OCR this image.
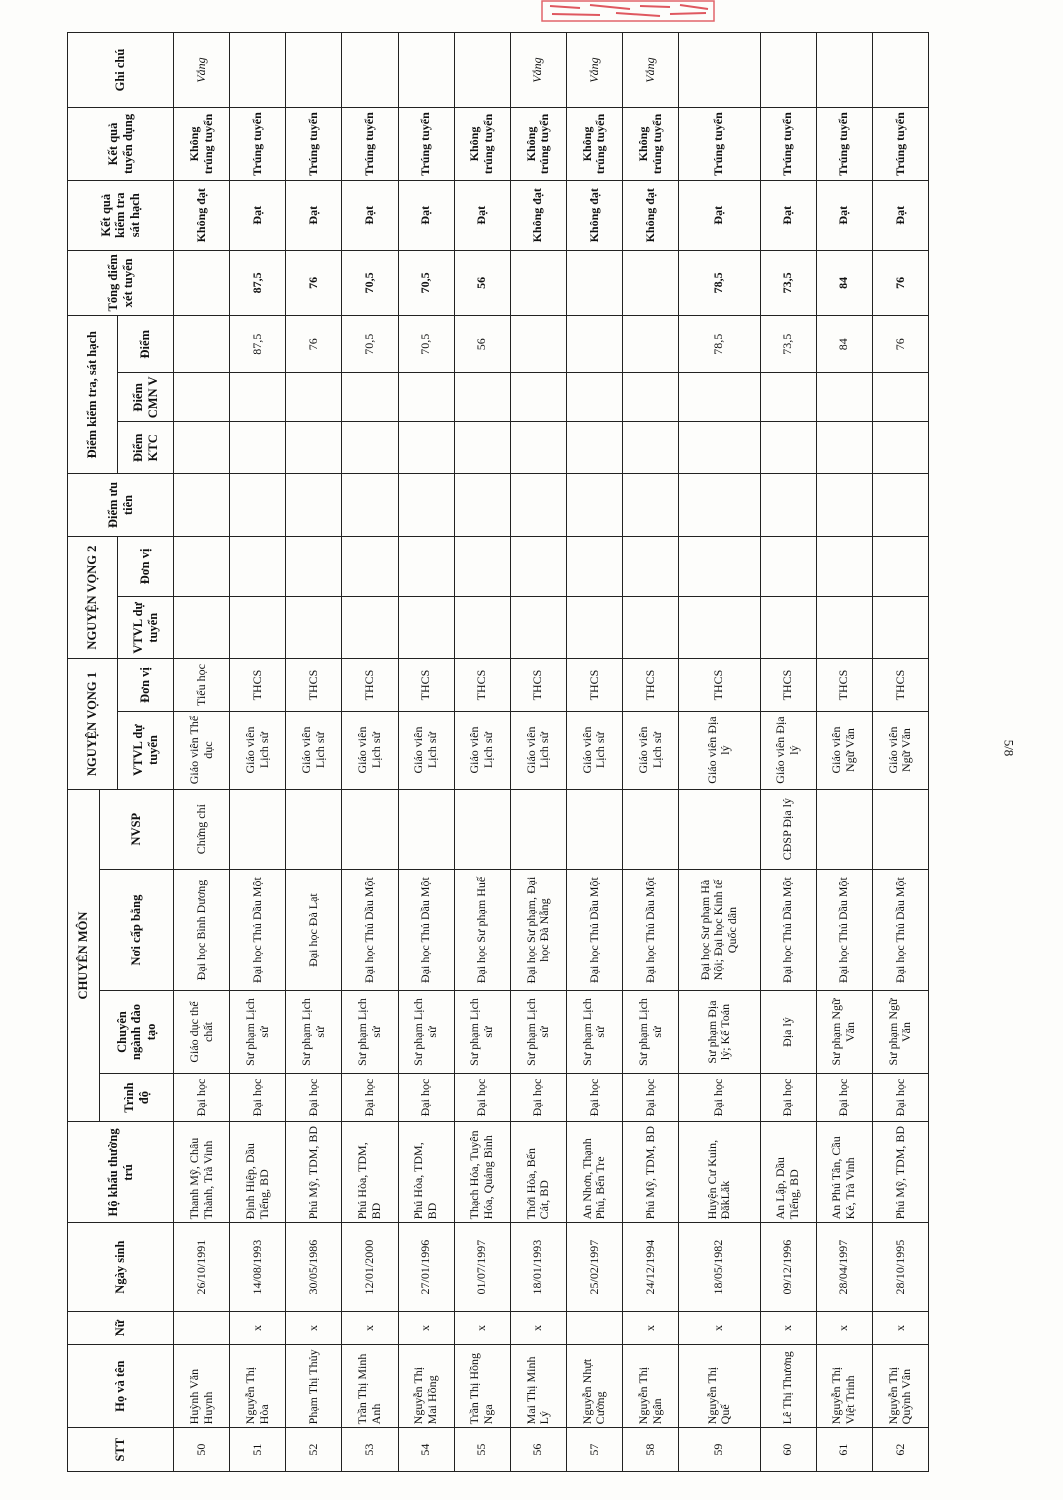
STT	Họ và tên	Nữ	Ngày sinh	Hộ khẩu thường trú	CHUYÊN MÔN				NGUYỆN VỌNG 1		NGUYỆN VỌNG 2		Điểm ưu tiên	Điểm kiểm tra, sát hạch			Tổng điểm xét tuyển	Kết quả kiểm tra sát hạch	Kết quả tuyển dụng	Ghi chú
					Trình độ	Chuyên ngành đào tạo	Nơi cấp bằng	NVSP												
									VTVL dự tuyển	Đơn vị	VTVL dự tuyển	Đơn vị		Điểm KTC	Điểm CMN V	Điểm				
50	Huỳnh Văn Huynh		26/10/1991	Thanh Mỹ, Châu Thành, Trà Vinh	Đại học	Giáo dục thể chất	Đại học Bình Dương	Chứng chỉ	Giáo viên Thể dục	Tiểu học								Không đạt	Không trúng tuyển	Vắng
51	Nguyễn Thị Hòa	x	14/08/1993	Định Hiệp, Dầu Tiếng, BD	Đại học	Sư phạm Lịch sử	Đại học Thủ Dầu Một		Giáo viên Lịch sử	THCS						87,5	87,5	Đạt	Trúng tuyển	
52	Phạm Thị Thủy	x	30/05/1986	Phú Mỹ, TDM, BD	Đại học	Sư phạm Lịch sử	Đại học Đà Lạt		Giáo viên Lịch sử	THCS						76	76	Đạt	Trúng tuyển	
53	Trần Thị Minh Anh	x	12/01/2000	Phú Hòa, TDM, BD	Đại học	Sư phạm Lịch sử	Đại học Thủ Dầu Một		Giáo viên Lịch sử	THCS						70,5	70,5	Đạt	Trúng tuyển	
54	Nguyễn Thị Mai Hồng	x	27/01/1996	Phú Hòa, TDM, BD	Đại học	Sư phạm Lịch sử	Đại học Thủ Dầu Một		Giáo viên Lịch sử	THCS						70,5	70,5	Đạt	Trúng tuyển	
55	Trần Thị Hồng Nga	x	01/07/1997	Thạch Hóa, Tuyên Hóa, Quảng Bình	Đại học	Sư phạm Lịch sử	Đại học Sư phạm Huế		Giáo viên Lịch sử	THCS						56	56	Đạt	Không trúng tuyển	
56	Mai Thị Minh Lý	x	18/01/1993	Thới Hòa, Bến Cát, BD	Đại học	Sư phạm Lịch sử	Đại học Sư phạm, Đại học Đà Nẵng		Giáo viên Lịch sử	THCS								Không đạt	Không trúng tuyển	Vắng
57	Nguyễn Nhựt Cường		25/02/1997	An Nhơn, Thạnh Phú, Bến Tre	Đại học	Sư phạm Lịch sử	Đại học Thủ Dầu Một		Giáo viên Lịch sử	THCS								Không đạt	Không trúng tuyển	Vắng
58	Nguyễn Thị Ngân	x	24/12/1994	Phú Mỹ, TDM, BD	Đại học	Sư phạm Lịch sử	Đại học Thủ Dầu Một		Giáo viên Lịch sử	THCS								Không đạt	Không trúng tuyển	Vắng
59	Nguyễn Thị Quế	x	18/05/1982	Huyện Cư Kuin, ĐăkLăk	Đại học	Sư phạm Địa lý; Kế Toán	Đại học Sư phạm Hà Nội; Đại học Kinh tế Quốc dân		Giáo viên Địa lý	THCS						78,5	78,5	Đạt	Trúng tuyển	
60	Lê Thị Thương	x	09/12/1996	An Lập, Dầu Tiếng, BD	Đại học	Địa lý	Đại học Thủ Dầu Một	CĐSP Địa lý	Giáo viên Địa lý	THCS						73,5	73,5	Đạt	Trúng tuyển	
61	Nguyễn Thị Việt Trinh	x	28/04/1997	An Phú Tân, Cầu Kè, Trà Vinh	Đại học	Sư phạm Ngữ Văn	Đại học Thủ Dầu Một		Giáo viên Ngữ Văn	THCS						84	84	Đạt	Trúng tuyển	
62	Nguyễn Thị Quỳnh Vân	x	28/10/1995	Phú Mỹ, TDM, BD	Đại học	Sư phạm Ngữ Văn	Đại học Thủ Dầu Một		Giáo viên Ngữ Văn	THCS						76	76	Đạt	Trúng tuyển	
5/8
